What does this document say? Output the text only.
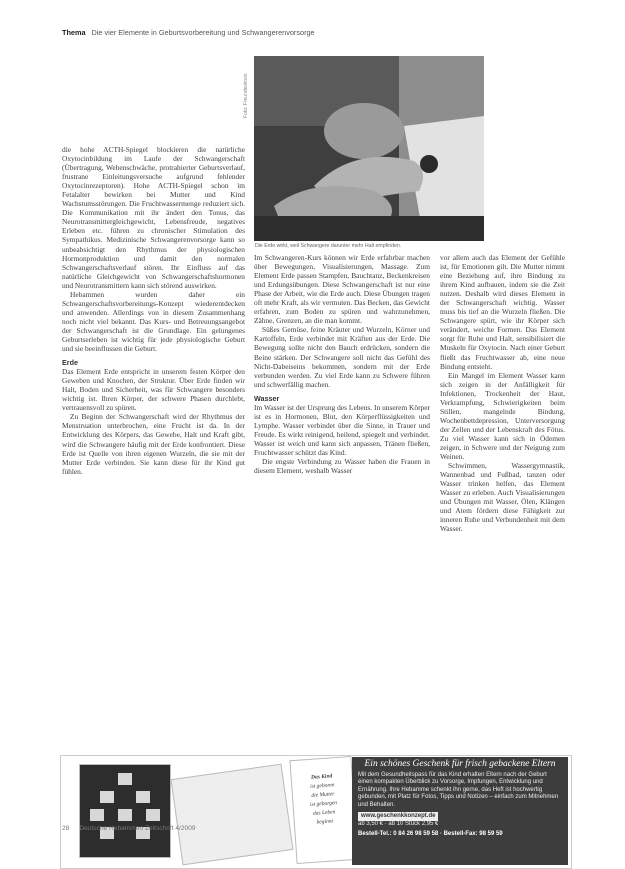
Thema Die vier Elemente in Geburtsvorbereitung und Schwangerenvorsorge
Foto: Freundeskreis
Die Erde wirkt, weil Schwangere darunter mehr Halt empfinden.

die hohe ACTH-Spiegel blockieren die natürliche Oxytocinbildung im Laufe der Schwangerschaft (Übertragung, Wehenschwäche, protrahierter Geburtsverlauf, frustrane Einleitungsversuche aufgrund fehlender Oxytocinrezeptoren). Hohe ACTH-Spiegel schon im Fetalalter bewirken bei Mutter und Kind Wachstumsstörungen. Die Fruchtwassermenge reduziert sich. Die Kommunikation mit ihr ändert den Tonus, das Neurotransmittergleichgewicht, Lebensfreude, negatives Erleben etc. führen zu chronischer Stimulation des Sympathikus. Medizinische Schwangerenvorsorge kann so unbeabsichtigt den Rhythmus der physiologischen Hormonproduktion und damit den normalen Schwangerschaftsverlauf stören. Ihr Einfluss auf das natürliche Gleichgewicht von Schwangerschaftshormonen und Neurotransmittern kann sich störend auswirken.

Hebammen wurden daher ein Schwangerschaftsvorbereitungs-Konzept wiederentdecken und anwenden. Allerdings von in diesem Zusammenhang noch nicht viel bekannt. Das Kurs- und Betreuungsangebot der Schwangerschaft ist die Grundlage. Ein gelungenes Geburtserleben ist wichtig für jede physiologische Geburt und sie beeinflussen die Geburt.

Erde

Das Element Erde entspricht in unserem festen Körper den Geweben und Knochen, der Struktur. Über Erde finden wir Halt, Boden und Sicherheit, was für Schwangere besonders wichtig ist. Ihren Körper, der schwere Phasen durchlebt, vertrauensvoll zu spüren.

Zu Beginn der Schwangerschaft wird der Rhythmus der Menstruation unterbrochen, eine Frucht ist da. In der Entwicklung des Körpers, das Gewebe, Halt und Kraft gibt, wird die Schwangere häufig mit der Erde konfrontiert. Diese Erde ist Quelle von ihren eigenen Wurzeln, die sie mit der Mutter Erde verbinden. Sie kann diese für ihr Kind gut fühlen.

Im Schwangeren-Kurs können wir Erde erfahrbar machen über Bewegungen, Visualisierungen, Massage. Zum Element Erde passen Stampfen, Bauchtanz, Beckenkreisen und Erdungsübungen. Diese Schwangerschaft ist nur eine Phase der Arbeit, wie die Erde auch. Diese Übungen tragen oft mehr Kraft, als wir vermuten. Das Becken, das Gewicht erfahren, zum Boden zu spüren und wahrzunehmen, Zähne, Grenzen, an die man kommt.

Süßes Gemüse, feine Kräuter und Wurzeln, Körner und Kartoffeln, Erde verbindet mit Kräften aus der Erde. Die Bewegung sollte nicht den Bauch erdrücken, sondern die Beine stärken. Der Schwangere soll nicht das Gefühl des Nicht-Dabeiseins bekommen, sondern mit der Erde verbunden werden. Zu viel Erde kann zu Schwere führen und schwerfällig machen.

Wasser

Im Wasser ist der Ursprung des Lebens. In unserem Körper ist es in Hormonen, Blut, den Körperflüssigkeiten und Lymphe. Wasser verbindet über die Sinne, in Trauer und Freude. Es wirkt reinigend, heilend, spiegelt und verbindet. Wasser ist weich und kann sich anpassen, Tränen fließen, Fruchtwasser schützt das Kind.

Die engste Verbindung zu Wasser haben die Frauen in diesem Element, weshalb Wasser

vor allem auch das Element der Gefühle ist, für Emotionen gilt. Die Mutter nimmt eine Beziehung auf, ihre Bindung zu ihrem Kind aufbauen, indem sie die Zeit nutzen. Deshalb wird dieses Element in der Schwangerschaft wichtig. Wasser muss bis tief an die Wurzeln fließen. Die Schwangere spürt, wie ihr Körper sich verändert, weiche Formen. Das Element sorgt für Ruhe und Halt, sensibilisiert die Muskeln für Oxytocin. Nach einer Geburt fließt das Fruchtwasser ab, eine neue Bindung entsteht.

Ein Mangel im Element Wasser kann sich zeigen in der Anfälligkeit für Infektionen, Trockenheit der Haut, Verkrampfung, Schwierigkeiten beim Stillen, mangelnde Bindung, Wochenbettdepression, Unterversorgung der Zellen und der Lebenskraft des Fötus. Zu viel Wasser kann sich in Ödemen zeigen, in Schwere und der Neigung zum Weinen.

Schwimmen, Wassergymnastik, Wannenbad und Fußbad, tanzen oder Wasser trinken helfen, das Element Wasser zu erleben. Auch Visualisierungen und Übungen mit Wasser, Ölen, Klängen und Atem fördern diese Fähigkeit zur inneren Ruhe und Verbundenheit mit dem Wasser.

Das Kind
ist geboren
die Mutter
ist geborgen
das Leben
beginnt
Ein schönes Geschenk für frisch gebackene Eltern
Mit dem Gesundheitspass für das Kind erhalten Eltern nach der Geburt einen kompakten Überblick zu Vorsorge, Impfungen, Entwicklung und Ernährung. Ihre Hebamme schenkt ihn gerne, das Heft ist hochwertig gebunden, mit Platz für Fotos, Tipps und Notizen – einfach zum Mitnehmen und Behalten.
www.geschenkkonzept.de
ab 3,50 € · ab 10 Stück 2,95 €
Bestell-Tel.: 0 84 26 98 59 58 · Bestell-Fax: 98 59 59
28 Deutsche Hebammen Zeitschrift 4/2009
